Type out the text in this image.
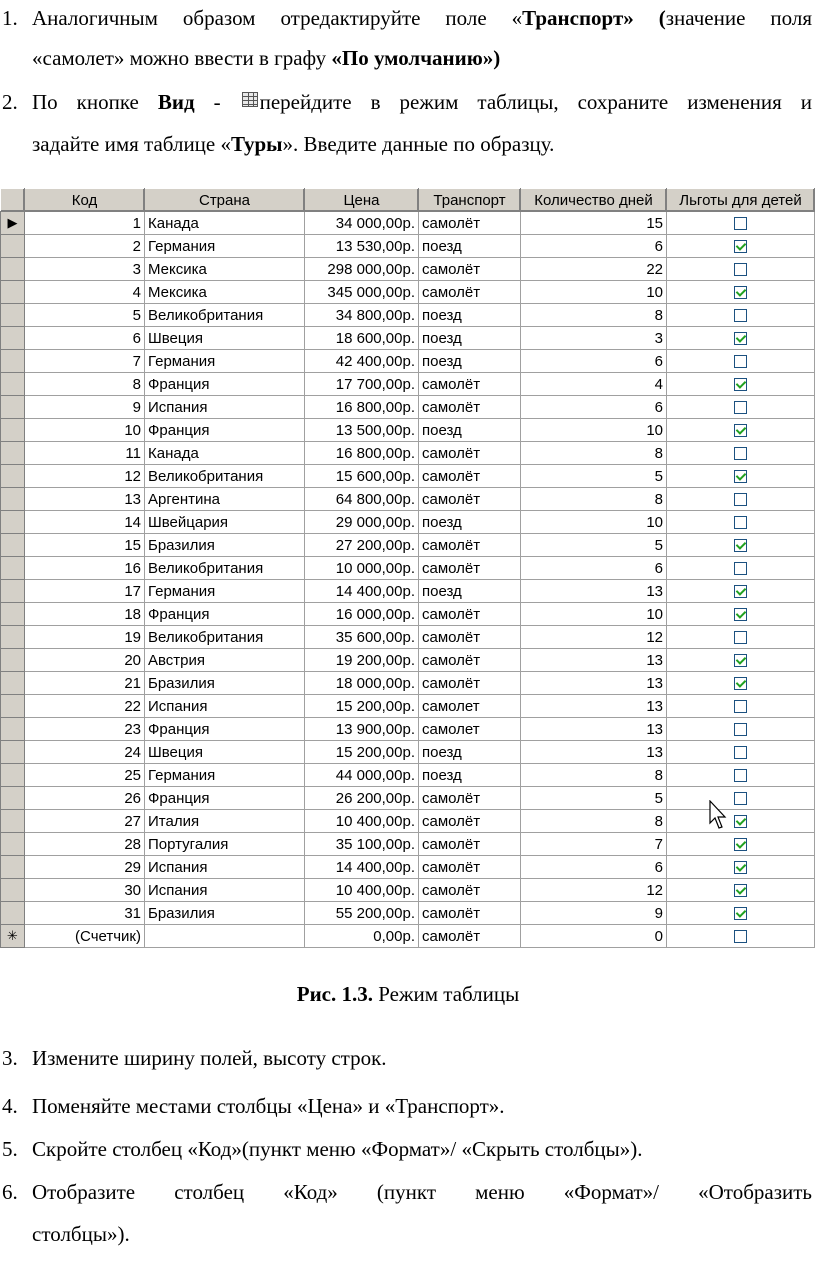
1. Аналогичным образом отредактируйте поле «Транспорт» (значение поля
«самолет» можно ввести в графу «По умолчанию»)
2. По кнопке Вид - перейдите в режим таблицы, сохраните изменения и
задайте имя таблице «Туры». Введите данные по образцу.
	Код	Страна	Цена	Транспорт	Количество дней	Льготы для детей
▶	1	Канада	34 000,00р.	самолёт	15	
	2	Германия	13 530,00р.	поезд	6	
	3	Мексика	298 000,00р.	самолёт	22	
	4	Мексика	345 000,00р.	самолёт	10	
	5	Великобритания	34 800,00р.	поезд	8	
	6	Швеция	18 600,00р.	поезд	3	
	7	Германия	42 400,00р.	поезд	6	
	8	Франция	17 700,00р.	самолёт	4	
	9	Испания	16 800,00р.	самолёт	6	
	10	Франция	13 500,00р.	поезд	10	
	11	Канада	16 800,00р.	самолёт	8	
	12	Великобритания	15 600,00р.	самолёт	5	
	13	Аргентина	64 800,00р.	самолёт	8	
	14	Швейцария	29 000,00р.	поезд	10	
	15	Бразилия	27 200,00р.	самолёт	5	
	16	Великобритания	10 000,00р.	самолёт	6	
	17	Германия	14 400,00р.	поезд	13	
	18	Франция	16 000,00р.	самолёт	10	
	19	Великобритания	35 600,00р.	самолёт	12	
	20	Австрия	19 200,00р.	самолёт	13	
	21	Бразилия	18 000,00р.	самолёт	13	
	22	Испания	15 200,00р.	самолет	13	
	23	Франция	13 900,00р.	самолет	13	
	24	Швеция	15 200,00р.	поезд	13	
	25	Германия	44 000,00р.	поезд	8	
	26	Франция	26 200,00р.	самолёт	5	
	27	Италия	10 400,00р.	самолёт	8	
	28	Португалия	35 100,00р.	самолёт	7	
	29	Испания	14 400,00р.	самолёт	6	
	30	Испания	10 400,00р.	самолёт	12	
	31	Бразилия	55 200,00р.	самолёт	9	
✳	(Счетчик)		0,00р.	самолёт	0	
Рис. 1.3. Режим таблицы
3. Измените ширину полей, высоту строк.
4. Поменяйте местами столбцы «Цена» и «Транспорт».
5. Скройте столбец «Код»(пункт меню «Формат»/ «Скрыть столбцы»).
6. Отобразите столбец «Код» (пункт меню «Формат»/ «Отобразить
столбцы»).
